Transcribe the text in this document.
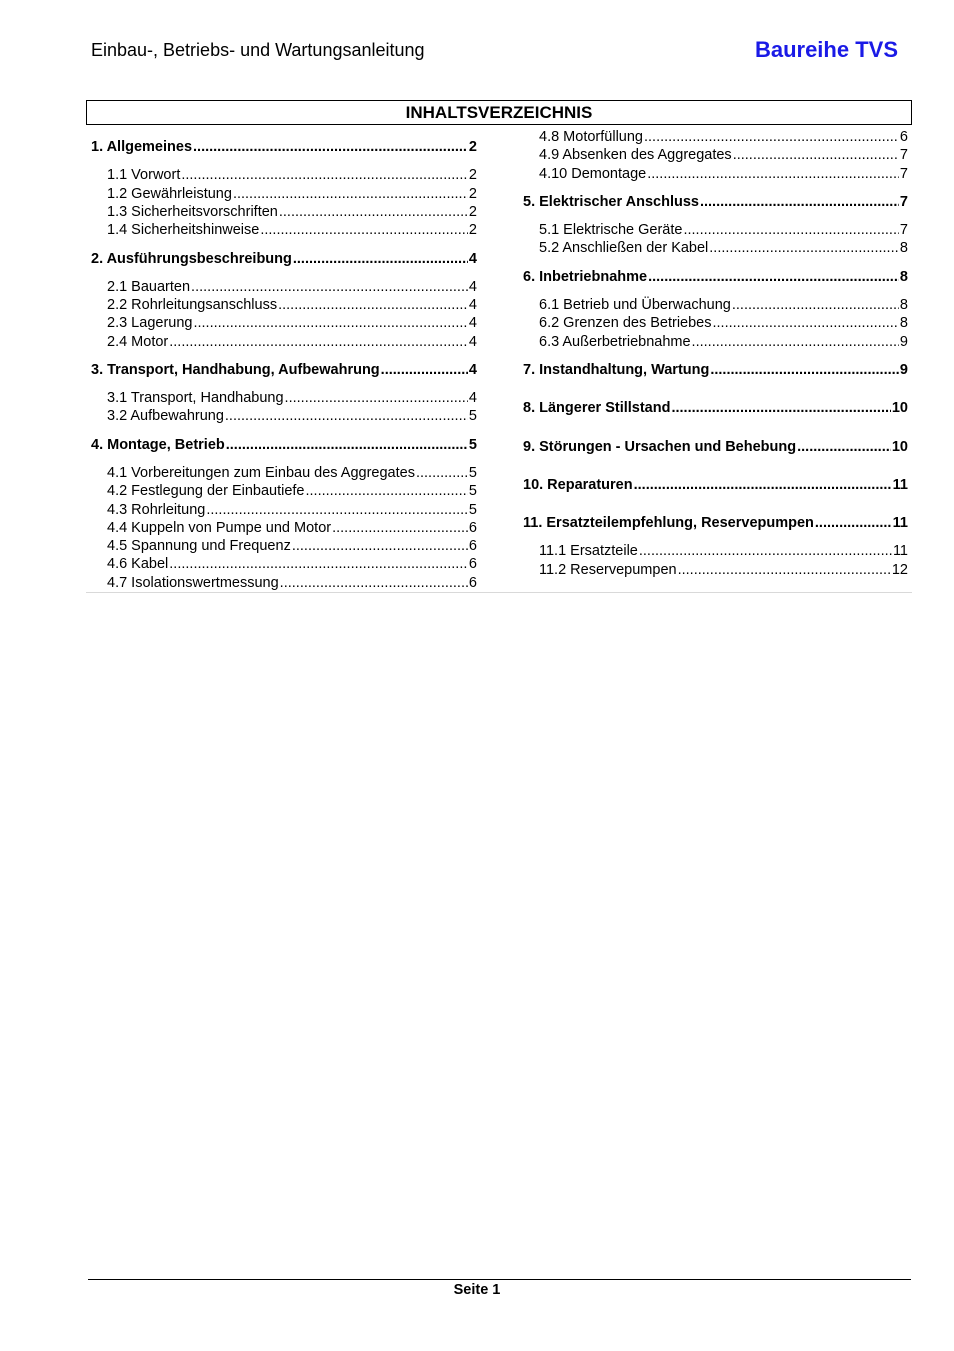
Einbau-, Betriebs- und Wartungsanleitung	Baureihe TVS
INHALTSVERZEICHNIS
1. Allgemeines .....	2
1.1 Vorwort .....	2
1.2 Gewährleistung .....	2
1.3 Sicherheitsvorschriften .....	2
1.4 Sicherheitshinweise .....	2
2. Ausführungsbeschreibung .....	4
2.1 Bauarten .....	4
2.2 Rohrleitungsanschluss .....	4
2.3 Lagerung .....	4
2.4 Motor .....	4
3. Transport, Handhabung, Aufbewahrung .....	4
3.1 Transport, Handhabung .....	4
3.2 Aufbewahrung .....	5
4. Montage, Betrieb .....	5
4.1 Vorbereitungen zum Einbau des Aggregates .....	5
4.2 Festlegung der Einbautiefe .....	5
4.3 Rohrleitung .....	5
4.4 Kuppeln von Pumpe und Motor .....	6
4.5 Spannung und Frequenz .....	6
4.6 Kabel .....	6
4.7 Isolationswertmessung .....	6
4.8 Motorfüllung .....	6
4.9 Absenken des Aggregates .....	7
4.10 Demontage .....	7
5. Elektrischer Anschluss .....	7
5.1 Elektrische Geräte .....	7
5.2 Anschließen der Kabel .....	8
6. Inbetriebnahme .....	8
6.1 Betrieb und Überwachung .....	8
6.2 Grenzen des Betriebes .....	8
6.3 Außerbetriebnahme .....	9
7. Instandhaltung, Wartung .....	9
8. Längerer Stillstand .....	10
9. Störungen - Ursachen und Behebung .....	10
10. Reparaturen .....	11
11. Ersatzteilempfehlung, Reservepumpen .....	11
11.1 Ersatzteile .....	11
11.2 Reservepumpen .....	12
Seite 1
